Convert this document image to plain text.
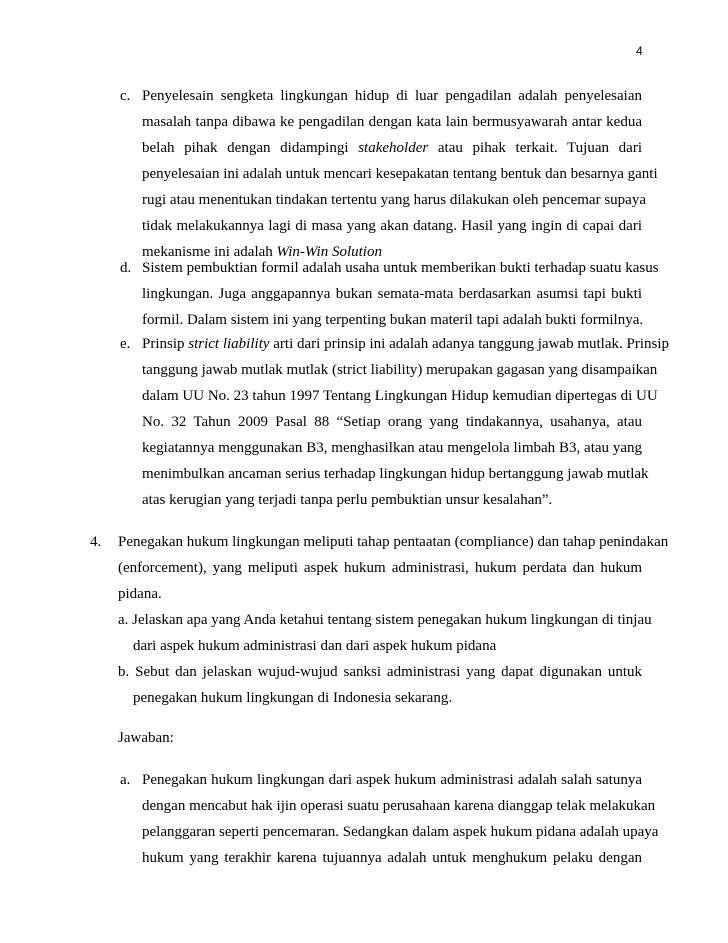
4
c. Penyelesain sengketa lingkungan hidup di luar pengadilan adalah penyelesaian
masalah tanpa dibawa ke pengadilan dengan kata lain bermusyawarah antar kedua
belah pihak dengan didampingi stakeholder atau pihak terkait. Tujuan dari
penyelesaian ini adalah untuk mencari kesepakatan tentang bentuk dan besarnya ganti
rugi atau menentukan tindakan tertentu yang harus dilakukan oleh pencemar supaya
tidak melakukannya lagi di masa yang akan datang. Hasil yang ingin di capai dari
mekanisme ini adalah Win-Win Solution
d. Sistem pembuktian formil adalah usaha untuk memberikan bukti terhadap suatu kasus
lingkungan. Juga anggapannya bukan semata-mata berdasarkan asumsi tapi bukti
formil. Dalam sistem ini yang terpenting bukan materil tapi adalah bukti formilnya.
e. Prinsip strict liability arti dari prinsip ini adalah adanya tanggung jawab mutlak. Prinsip
tanggung jawab mutlak mutlak (strict liability) merupakan gagasan yang disampaikan
dalam UU No. 23 tahun 1997 Tentang Lingkungan Hidup kemudian dipertegas di UU
No. 32 Tahun 2009 Pasal 88 “Setiap orang yang tindakannya, usahanya, atau
kegiatannya menggunakan B3, menghasilkan atau mengelola limbah B3, atau yang
menimbulkan ancaman serius terhadap lingkungan hidup bertanggung jawab mutlak
atas kerugian yang terjadi tanpa perlu pembuktian unsur kesalahan”.
4. Penegakan hukum lingkungan meliputi tahap pentaatan (compliance) dan tahap penindakan
(enforcement), yang meliputi aspek hukum administrasi, hukum perdata dan hukum
pidana.
a. Jelaskan apa yang Anda ketahui tentang sistem penegakan hukum lingkungan di tinjau
dari aspek hukum administrasi dan dari aspek hukum pidana
b. Sebut dan jelaskan wujud-wujud sanksi administrasi yang dapat digunakan untuk
penegakan hukum lingkungan di Indonesia sekarang.
Jawaban:
a. Penegakan hukum lingkungan dari aspek hukum administrasi adalah salah satunya
dengan mencabut hak ijin operasi suatu perusahaan karena dianggap telak melakukan
pelanggaran seperti pencemaran. Sedangkan dalam aspek hukum pidana adalah upaya
hukum yang terakhir karena tujuannya adalah untuk menghukum pelaku dengan
